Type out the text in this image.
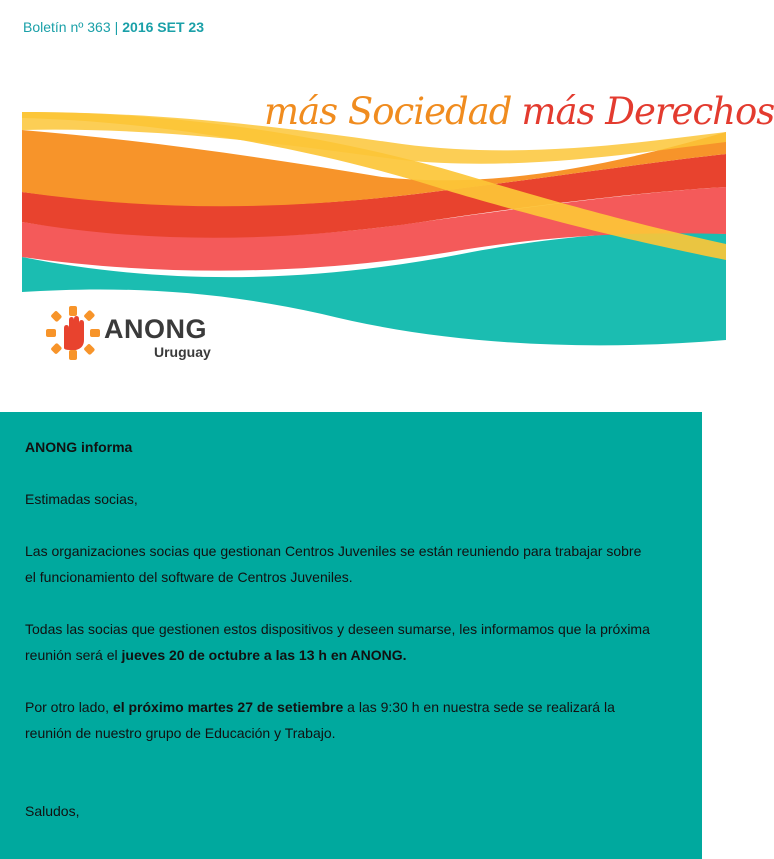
Boletín nº 363 | 2016 SET 23
más Sociedad más Derechos
ANONG
Uruguay

ANONG informa

Estimadas socias,

Las organizaciones socias que gestionan Centros Juveniles se están reuniendo para trabajar sobre el funcionamiento del software de Centros Juveniles.

Todas las socias que gestionen estos dispositivos y deseen sumarse, les informamos que la próxima reunión será el jueves 20 de octubre a las 13 h en ANONG.

Por otro lado, el próximo martes 27 de setiembre a las 9:30 h en nuestra sede se realizará la reunión de nuestro grupo de Educación y Trabajo.

Saludos,
